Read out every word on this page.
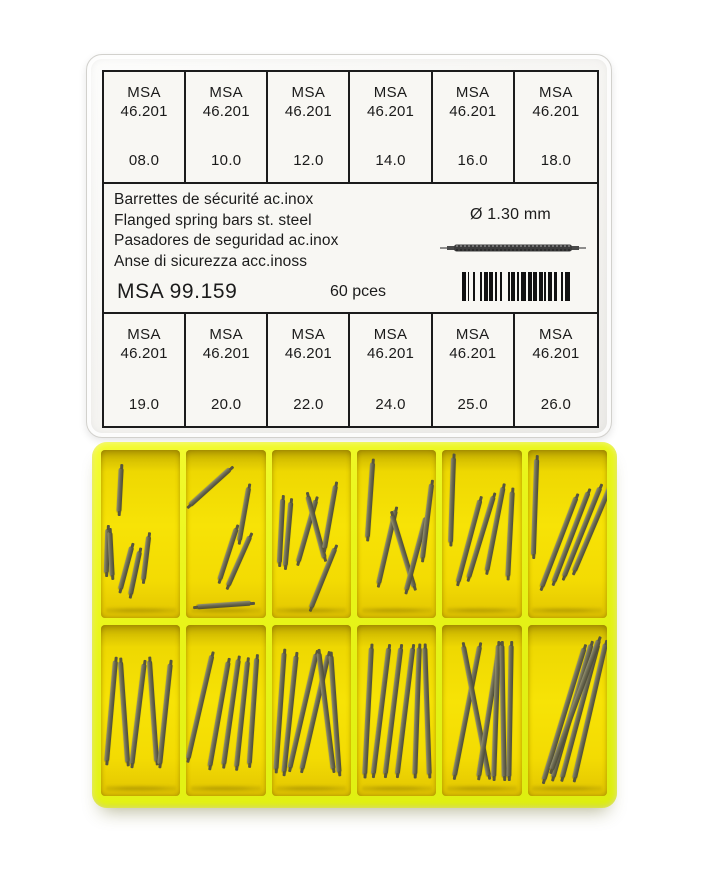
MSA
46.201
08.0
MSA
46.201
10.0
MSA
46.201
12.0
MSA
46.201
14.0
MSA
46.201
16.0
MSA
46.201
18.0
Barrettes de sécurité ac.inox
Flanged spring bars st. steel
Pasadores de seguridad ac.inox
Anse di sicurezza acc.inoss
MSA 99.159	60 pces
Ø 1.30 mm
MSA
46.201
19.0
MSA
46.201
20.0
MSA
46.201
22.0
MSA
46.201
24.0
MSA
46.201
25.0
MSA
46.201
26.0
